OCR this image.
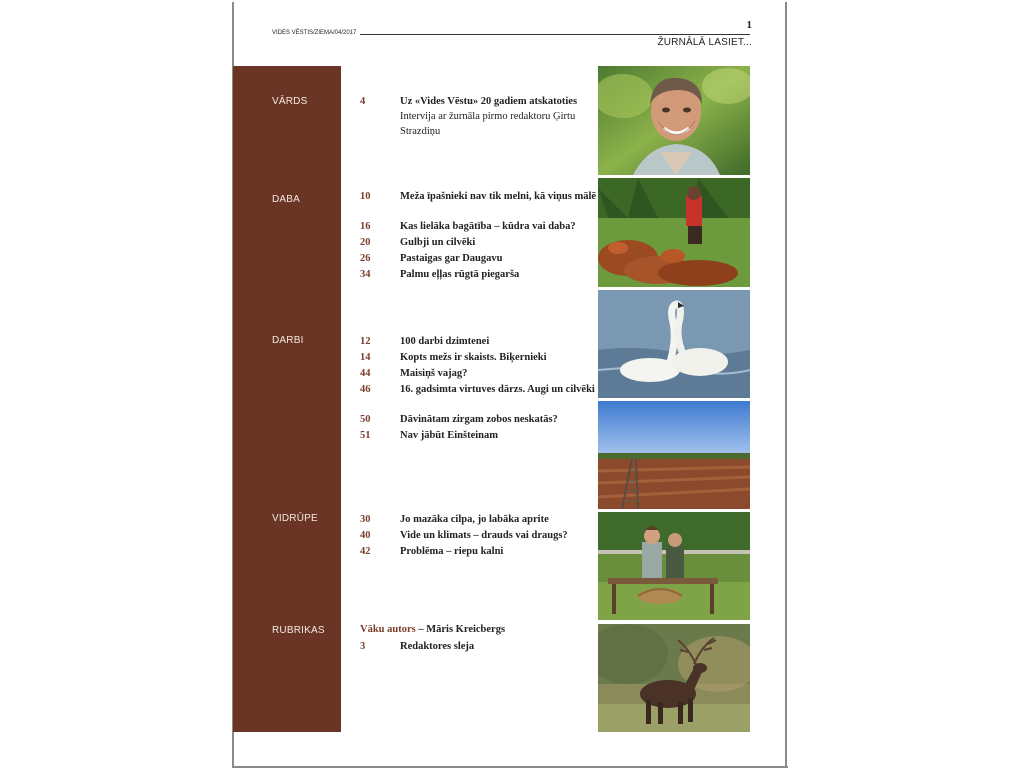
VIDES VĒSTIS/ZIEMA/04/2017
1
ŽURNĀLĀ LASIET...
VĀRDS
DABA
DARBI
VIDRŪPE
RUBRIKAS
4	Uz «Vides Vēstu» 20 gadiem atskatoties
Intervija ar žurnāla pirmo redaktoru Ģirtu Strazdiņu
10	Meža īpašnieki nav tik melni, kā viņus mālē
16	Kas lielāka bagātība – kūdra vai daba?
20	Gulbji un cilvēki
26	Pastaigas gar Daugavu
34	Palmu eļļas rūgtā piegarša
12	100 darbi dzimtenei
14	Kopts mežs ir skaists. Biķernieki
44	Maisiņš vajag?
46	16. gadsimta virtuves dārzs. Augi un cilvēki
50	Dāvinātam zirgam zobos neskatās?
51	Nav jābūt Einšteinam
30	Jo mazāka cilpa, jo labāka aprite
40	Vide un klimats – drauds vai draugs?
42	Problēma – riepu kalni
Vāku autors – Māris Kreicbergs
3	Redaktores sleja
